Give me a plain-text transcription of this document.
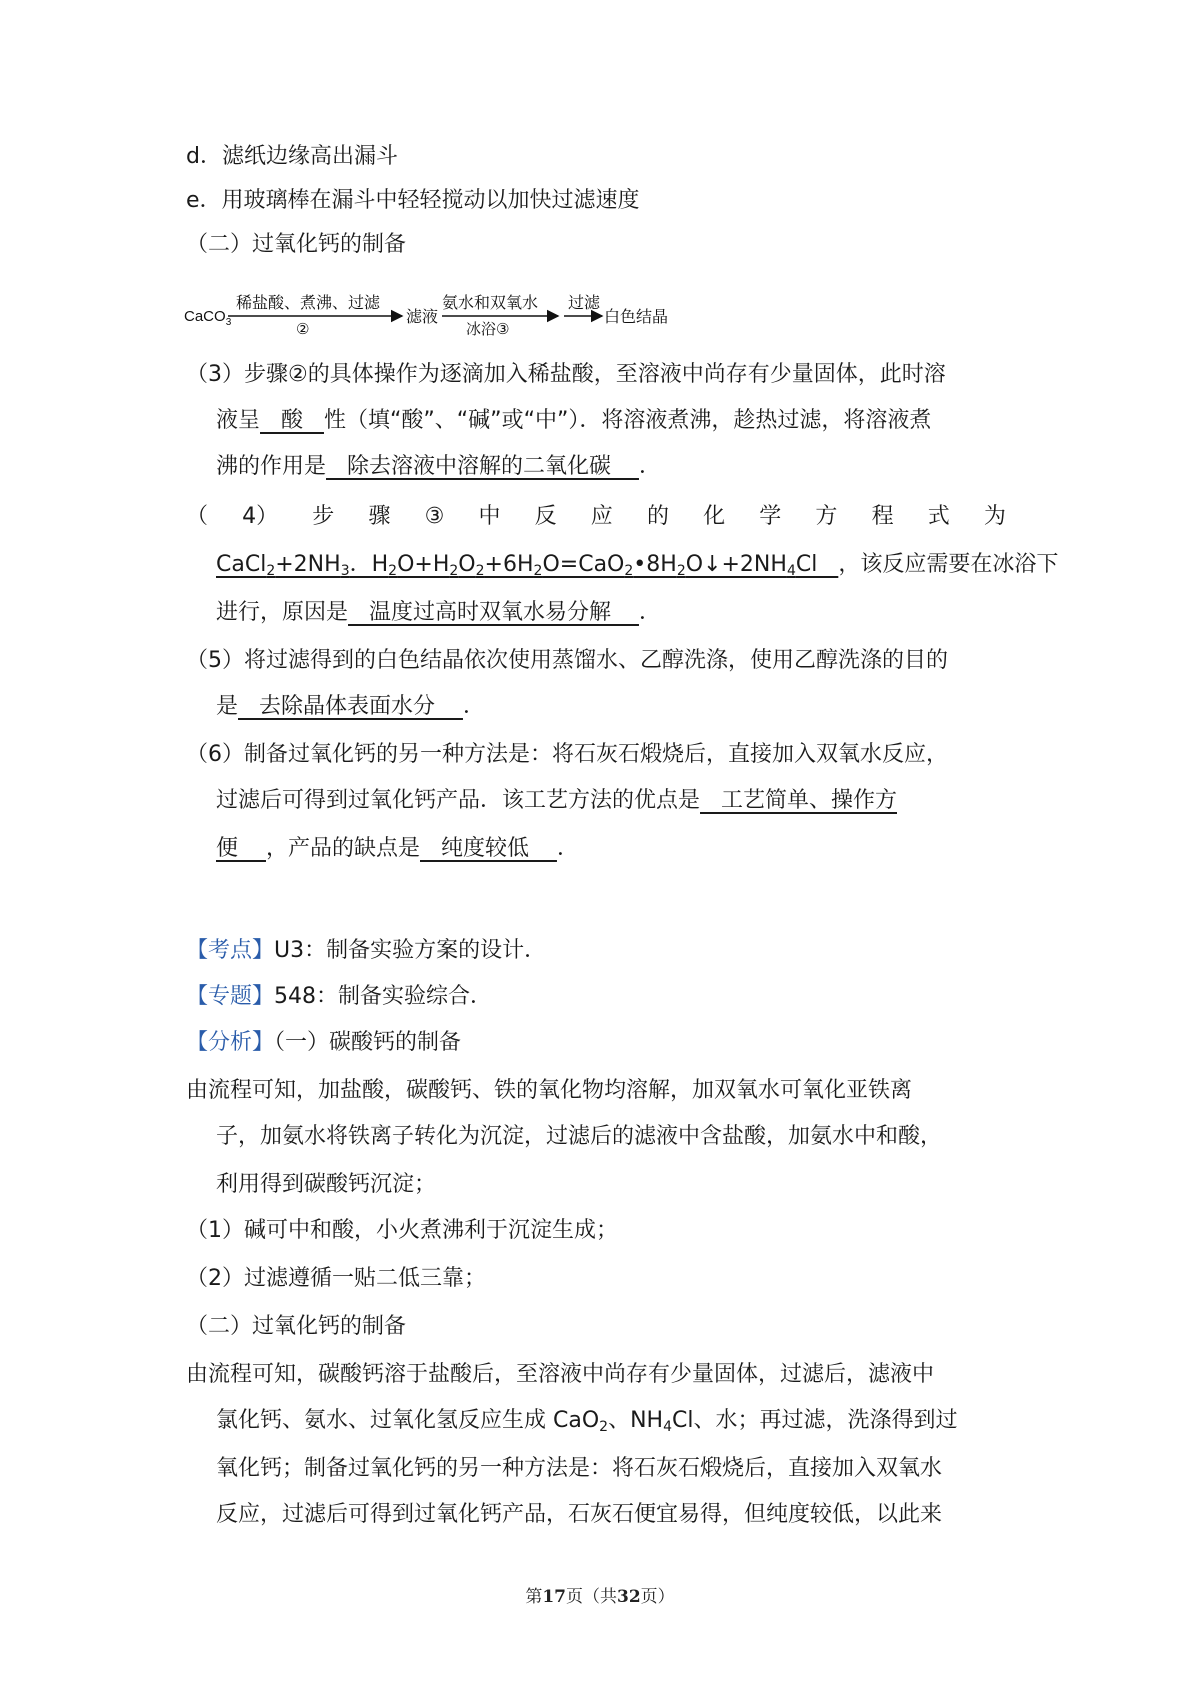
d．滤纸边缘高出漏斗
e．用玻璃棒在漏斗中轻轻搅动以加快过滤速度
（二）过氧化钙的制备
CaCO$_3$
稀盐酸、煮沸、过滤
②
滤液
氨水和双氧水
冰浴③
过滤
白色结晶
（3）步骤②的具体操作为逐滴加入稀盐酸，至溶液中尚存有少量固体，此时溶
液呈   酸   性（填“酸”、“碱”或“中”）．将溶液煮沸，趁热过滤，将溶液煮
沸的作用是   除去溶液中溶解的二氧化碳    ．
（ 4） 步 骤 ③ 中 反 应 的 化 学 方 程 式 为
$CaCl_2+2NH_3$．$H_2O+H_2O_2+6H_2O=CaO_2•8H_2O↓+2NH_4Cl$   ，该反应需要在冰浴下
进行，原因是   温度过高时双氧水易分解    ．
（5）将过滤得到的白色结晶依次使用蒸馏水、乙醇洗涤，使用乙醇洗涤的目的
是   去除晶体表面水分    ．
（6）制备过氧化钙的另一种方法是：将石灰石煅烧后，直接加入双氧水反应，
过滤后可得到过氧化钙产品．该工艺方法的优点是   工艺简单、操作方
便    ，产品的缺点是   纯度较低    ．
【考点】U3：制备实验方案的设计．
【专题】548：制备实验综合．
【分析】（一）碳酸钙的制备
由流程可知，加盐酸，碳酸钙、铁的氧化物均溶解，加双氧水可氧化亚铁离
子，加氨水将铁离子转化为沉淀，过滤后的滤液中含盐酸，加氨水中和酸，
利用得到碳酸钙沉淀；
（1）碱可中和酸，小火煮沸利于沉淀生成；
（2）过滤遵循一贴二低三靠；
（二）过氧化钙的制备
由流程可知，碳酸钙溶于盐酸后，至溶液中尚存有少量固体，过滤后，滤液中
氯化钙、氨水、过氧化氢反应生成 CaO$_2$、$NH_4Cl$、水；再过滤，洗涤得到过
氧化钙；制备过氧化钙的另一种方法是：将石灰石煅烧后，直接加入双氧水
反应，过滤后可得到过氧化钙产品，石灰石便宜易得，但纯度较低，以此来
第17页（共32页）
